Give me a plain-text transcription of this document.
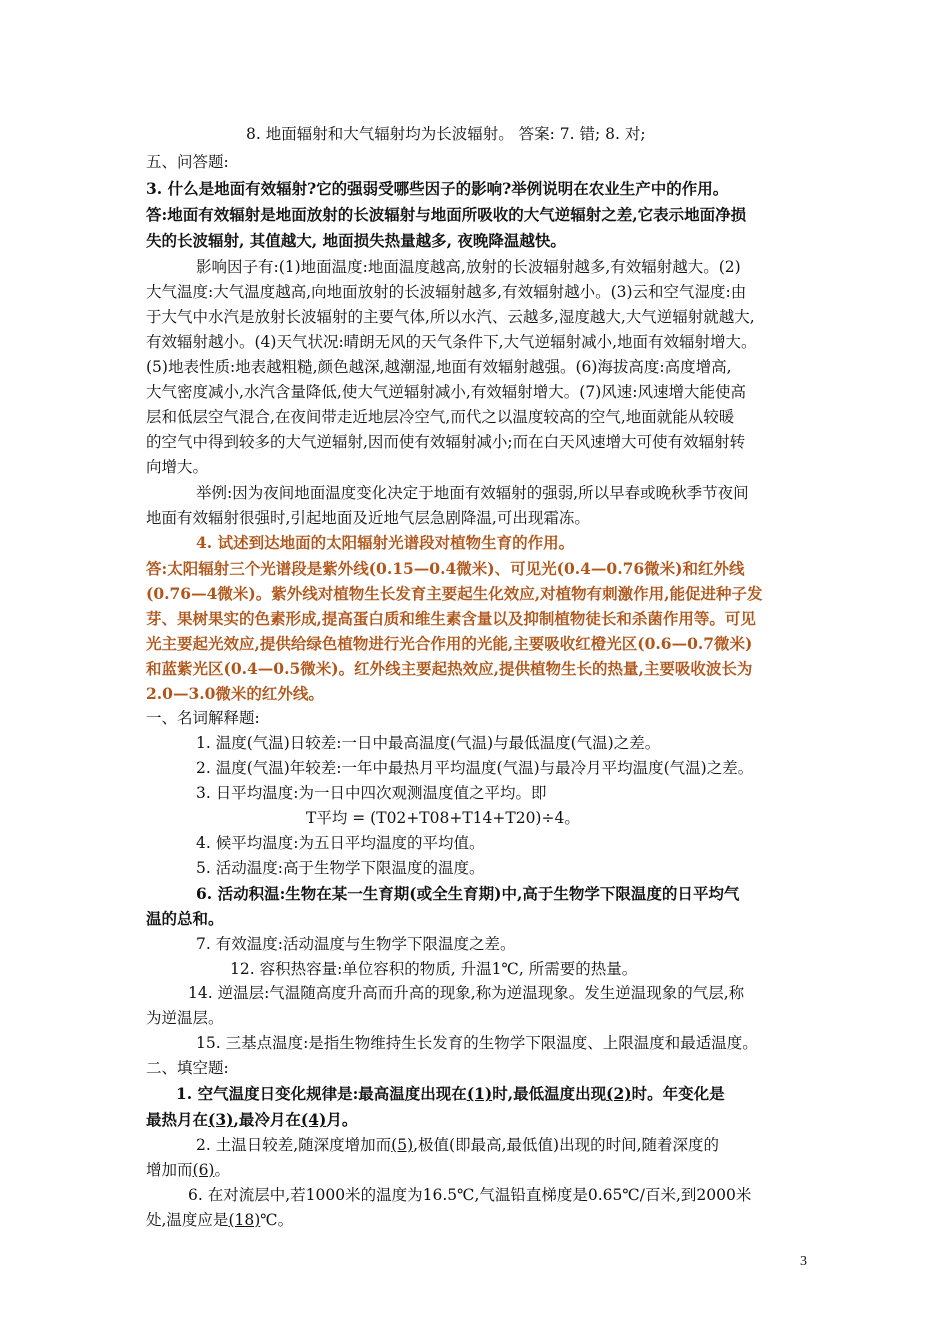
8. 地面辐射和大气辐射均为长波辐射。 答案: 7. 错; 8. 对;
五、问答题:
3. 什么是地面有效辐射?它的强弱受哪些因子的影响?举例说明在农业生产中的作用。
答:地面有效辐射是地面放射的长波辐射与地面所吸收的大气逆辐射之差,它表示地面净损
失的长波辐射, 其值越大, 地面损失热量越多, 夜晚降温越快。
影响因子有:(1)地面温度:地面温度越高,放射的长波辐射越多,有效辐射越大。(2)
大气温度:大气温度越高,向地面放射的长波辐射越多,有效辐射越小。(3)云和空气湿度:由
于大气中水汽是放射长波辐射的主要气体,所以水汽、云越多,湿度越大,大气逆辐射就越大,
有效辐射越小。(4)天气状况:晴朗无风的天气条件下,大气逆辐射减小,地面有效辐射增大。
(5)地表性质:地表越粗糙,颜色越深,越潮湿,地面有效辐射越强。(6)海拔高度:高度增高,
大气密度减小,水汽含量降低,使大气逆辐射减小,有效辐射增大。(7)风速:风速增大能使高
层和低层空气混合,在夜间带走近地层冷空气,而代之以温度较高的空气,地面就能从较暖
的空气中得到较多的大气逆辐射,因而使有效辐射减小;而在白天风速增大可使有效辐射转
向增大。
举例:因为夜间地面温度变化决定于地面有效辐射的强弱,所以早春或晚秋季节夜间
地面有效辐射很强时,引起地面及近地气层急剧降温,可出现霜冻。
4. 试述到达地面的太阳辐射光谱段对植物生育的作用。
答:太阳辐射三个光谱段是紫外线(0.15—0.4微米)、可见光(0.4—0.76微米)和红外线
(0.76—4微米)。紫外线对植物生长发育主要起生化效应,对植物有刺激作用,能促进种子发
芽、果树果实的色素形成,提高蛋白质和维生素含量以及抑制植物徒长和杀菌作用等。可见
光主要起光效应,提供给绿色植物进行光合作用的光能,主要吸收红橙光区(0.6—0.7微米)
和蓝紫光区(0.4—0.5微米)。红外线主要起热效应,提供植物生长的热量,主要吸收波长为
2.0—3.0微米的红外线。
一、名词解释题:
1. 温度(气温)日较差:一日中最高温度(气温)与最低温度(气温)之差。
2. 温度(气温)年较差:一年中最热月平均温度(气温)与最冷月平均温度(气温)之差。
3. 日平均温度:为一日中四次观测温度值之平均。即
T平均 = (T02+T08+T14+T20)÷4。
4. 候平均温度:为五日平均温度的平均值。
5. 活动温度:高于生物学下限温度的温度。
6. 活动积温:生物在某一生育期(或全生育期)中,高于生物学下限温度的日平均气
温的总和。
7. 有效温度:活动温度与生物学下限温度之差。
12. 容积热容量:单位容积的物质, 升温1℃, 所需要的热量。
14. 逆温层:气温随高度升高而升高的现象,称为逆温现象。发生逆温现象的气层,称
为逆温层。
15. 三基点温度:是指生物维持生长发育的生物学下限温度、上限温度和最适温度。
二、填空题:
1. 空气温度日变化规律是:最高温度出现在(1)时,最低温度出现(2)时。年变化是
最热月在(3),最冷月在(4)月。
2. 土温日较差,随深度增加而(5),极值(即最高,最低值)出现的时间,随着深度的
增加而(6)。
6. 在对流层中,若1000米的温度为16.5℃,气温铅直梯度是0.65℃/百米,到2000米
处,温度应是(18)℃。
3
